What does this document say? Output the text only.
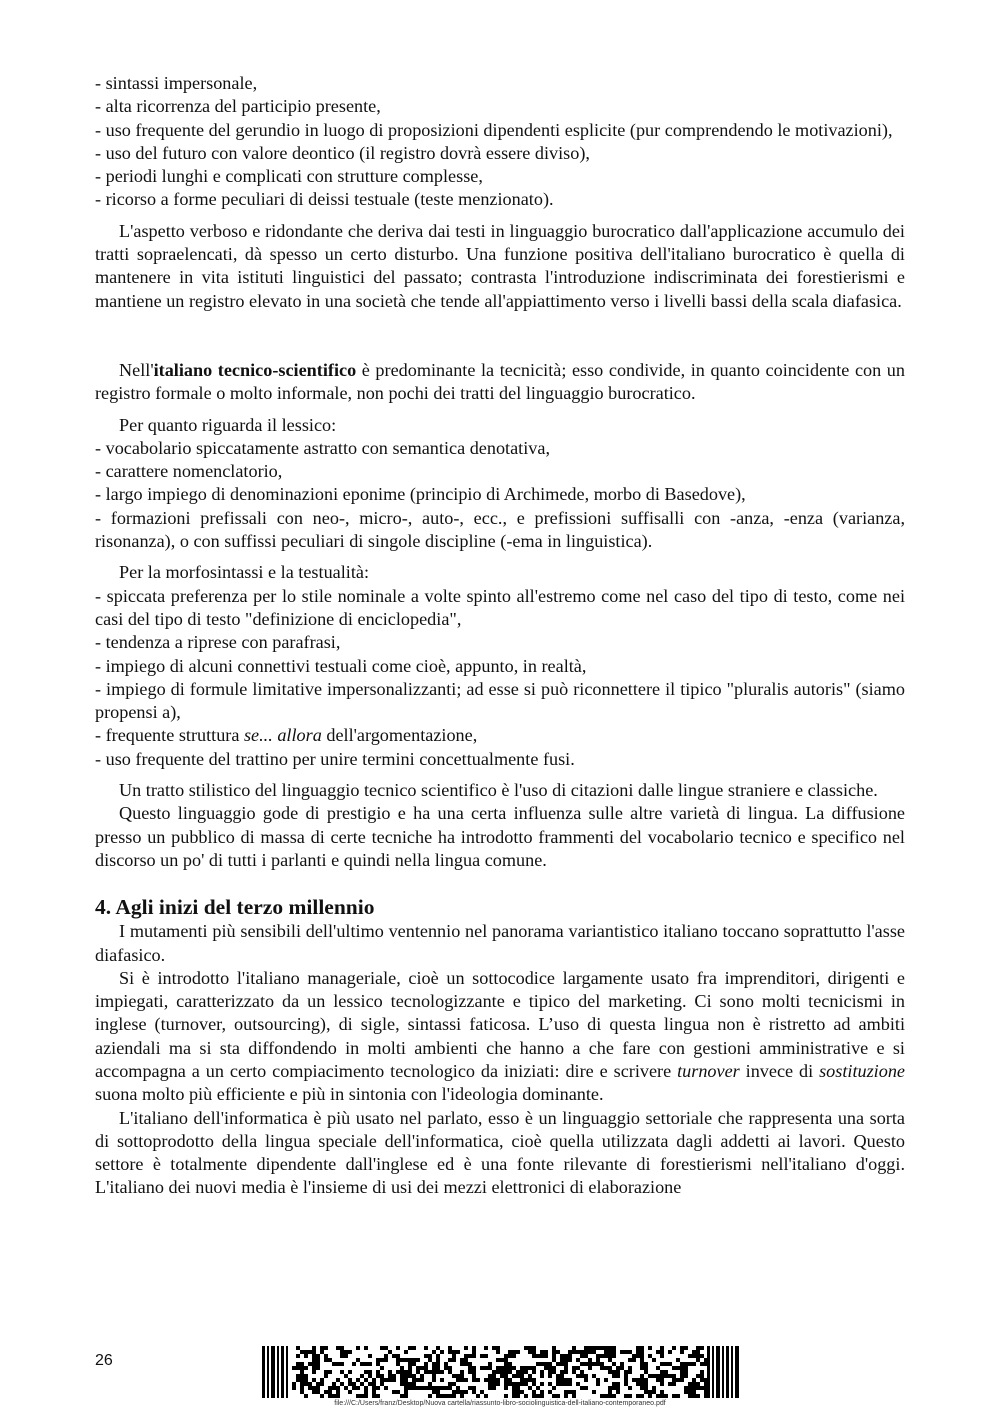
- sintassi impersonale,

- alta ricorrenza del participio presente,

- uso frequente del gerundio in luogo di proposizioni dipendenti esplicite (pur comprendendo le motivazioni),

- uso del futuro con valore deontico (il registro dovrà essere diviso),

- periodi lunghi e complicati con strutture complesse,

- ricorso a forme peculiari di deissi testuale (teste menzionato).

L'aspetto verboso e ridondante che deriva dai testi in linguaggio burocratico dall'applicazione accumulo dei tratti sopraelencati, dà spesso un certo disturbo. Una funzione positiva dell'italiano burocratico è quella di mantenere in vita istituti linguistici del passato; contrasta l'introduzione indiscriminata dei forestierismi e mantiene un registro elevato in una società che tende all'appiattimento verso i livelli bassi della scala diafasica.

Nell'italiano tecnico-scientifico è predominante la tecnicità; esso condivide, in quanto coincidente con un registro formale o molto informale, non pochi dei tratti del linguaggio burocratico.

Per quanto riguarda il lessico:

- vocabolario spiccatamente astratto con semantica denotativa,

- carattere nomenclatorio,

- largo impiego di denominazioni eponime (principio di Archimede, morbo di Basedove),

- formazioni prefissali con neo-, micro-, auto-, ecc., e prefissioni suffisalli con -anza, -enza (varianza, risonanza), o con suffissi peculiari di singole discipline (-ema in linguistica).

Per la morfosintassi e la testualità:

- spiccata preferenza per lo stile nominale a volte spinto all'estremo come nel caso del tipo di testo, come nei casi del tipo di testo "definizione di enciclopedia",

- tendenza a riprese con parafrasi,

- impiego di alcuni connettivi testuali come cioè, appunto, in realtà,

- impiego di formule limitative impersonalizzanti; ad esse si può riconnettere il tipico "pluralis autoris" (siamo propensi a),

- frequente struttura se... allora dell'argomentazione,

- uso frequente del trattino per unire termini concettualmente fusi.

Un tratto stilistico del linguaggio tecnico scientifico è l'uso di citazioni dalle lingue straniere e classiche.

Questo linguaggio gode di prestigio e ha una certa influenza sulle altre varietà di lingua. La diffusione presso un pubblico di massa di certe tecniche ha introdotto frammenti del vocabolario tecnico e specifico nel discorso un po' di tutti i parlanti e quindi nella lingua comune.

4. Agli inizi del terzo millennio

I mutamenti più sensibili dell'ultimo ventennio nel panorama variantistico italiano toccano soprattutto l'asse diafasico.

Si è introdotto l'italiano manageriale, cioè un sottocodice largamente usato fra imprenditori, dirigenti e impiegati, caratterizzato da un lessico tecnologizzante e tipico del marketing. Ci sono molti tecnicismi in inglese (turnover, outsourcing), di sigle, sintassi faticosa. L’uso di questa lingua non è ristretto ad ambiti aziendali ma si sta diffondendo in molti ambienti che hanno a che fare con gestioni amministrative e si accompagna a un certo compiacimento tecnologico da iniziati: dire e scrivere turnover invece di sostituzione suona molto più efficiente e più in sintonia con l'ideologia dominante.

L'italiano dell'informatica è più usato nel parlato, esso è un linguaggio settoriale che rappresenta una sorta di sottoprodotto della lingua speciale dell'informatica, cioè quella utilizzata dagli addetti ai lavori. Questo settore è totalmente dipendente dall'inglese ed è una fonte rilevante di forestierismi nell'italiano d'oggi. L'italiano dei nuovi media è l'insieme di usi dei mezzi elettronici di elaborazione

26
file:///C:/Users/franz/Desktop/Nuova cartella/riassunto-libro-sociolinguistica-dell-italiano-contemporaneo.pdf
